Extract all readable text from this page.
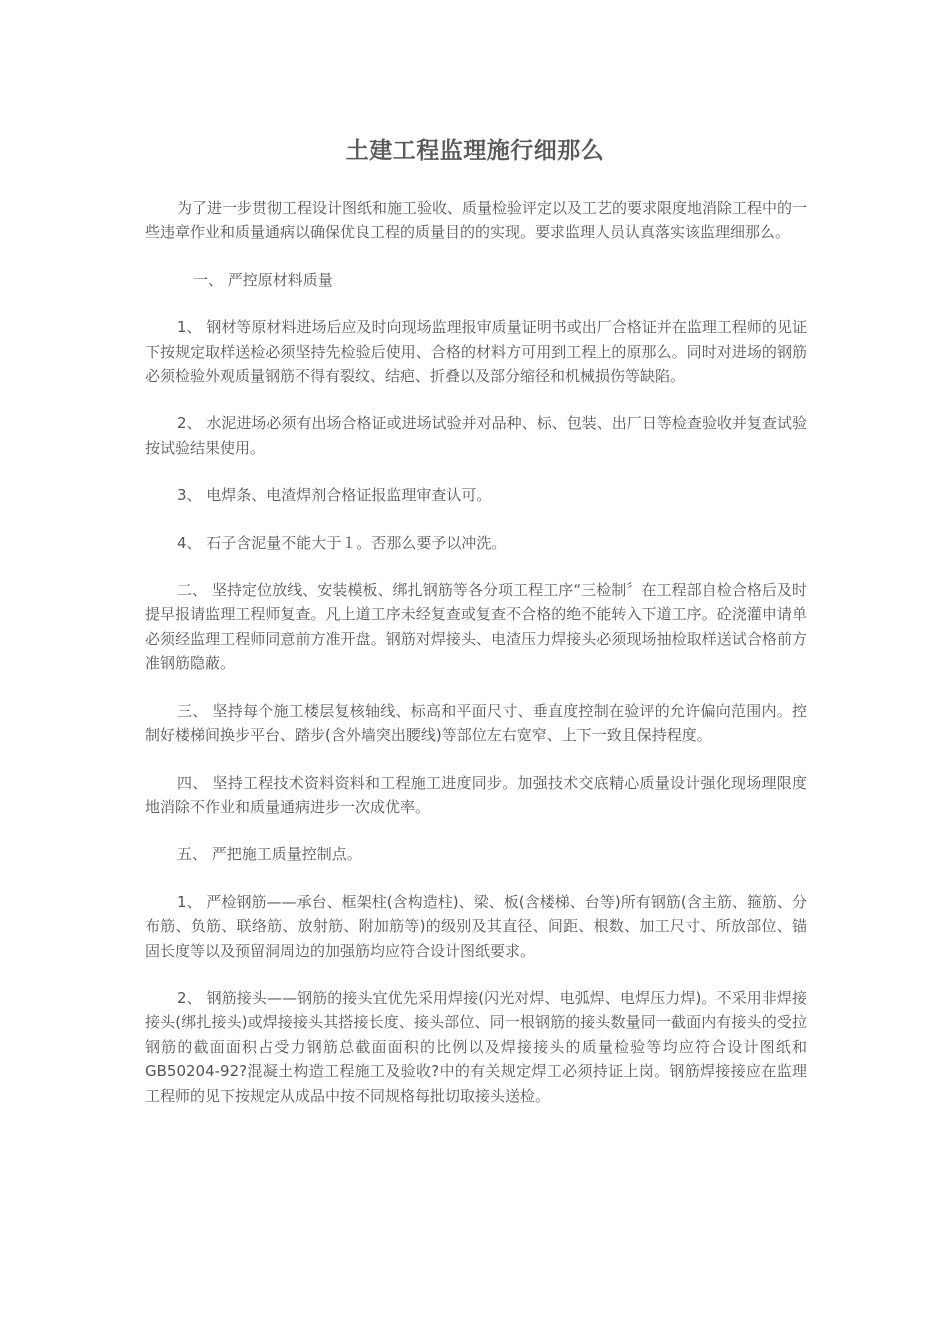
土建工程监理施行细那么

为了进一步贯彻工程设计图纸和施工验收、质量检验评定以及工艺的要求限度地消除工程中的一些违章作业和质量通病以确保优良工程的质量目的的实现。要求监理人员认真落实该监理细那么。

一、 严控原材料质量

1、 钢材等原材料进场后应及时向现场监理报审质量证明书或出厂合格证并在监理工程师的见证下按规定取样送检必须坚持先检验后使用、合格的材料方可用到工程上的原那么。同时对进场的钢筋必须检验外观质量钢筋不得有裂纹、结疤、折叠以及部分缩径和机械损伤等缺陷。

2、 水泥进场必须有出场合格证或进场试验并对品种、标、包装、出厂日等检查验收并复查试验按试验结果使用。

3、 电焊条、电渣焊剂合格证报监理审查认可。

4、 石子含泥量不能大于１。否那么要予以冲洗。

二、 坚持定位放线、安装模板、绑扎钢筋等各分项工程工序“三检制〞在工程部自检合格后及时提早报请监理工程师复查。凡上道工序未经复查或复查不合格的绝不能转入下道工序。砼浇灌申请单必须经监理工程师同意前方准开盘。钢筋对焊接头、电渣压力焊接头必须现场抽检取样送试合格前方准钢筋隐蔽。

三、 坚持每个施工楼层复核轴线、标高和平面尺寸、垂直度控制在验评的允许偏向范围内。控制好楼梯间换步平台、踏步(含外墙突出腰线)等部位左右宽窄、上下一致且保持程度。

四、 坚持工程技术资料资料和工程施工进度同步。加强技术交底精心质量设计强化现场理限度地消除不作业和质量通病进步一次成优率。

五、 严把施工质量控制点。

1、 严检钢筋——承台、框架柱(含构造柱)、梁、板(含楼梯、台等)所有钢筋(含主筋、箍筋、分布筋、负筋、联络筋、放射筋、附加筋等)的级别及其直径、间距、根数、加工尺寸、所放部位、锚固长度等以及预留洞周边的加强筋均应符合设计图纸要求。

2、 钢筋接头——钢筋的接头宜优先采用焊接(闪光对焊、电弧焊、电焊压力焊)。不采用非焊接接头(绑扎接头)或焊接接头其搭接长度、接头部位、同一根钢筋的接头数量同一截面内有接头的受拉钢筋的截面面积占受力钢筋总截面面积的比例以及焊接接头的质量检验等均应符合设计图纸和GB50204-92?混凝土构造工程施工及验收?中的有关规定焊工必须持证上岗。钢筋焊接接应在监理工程师的见下按规定从成品中按不同规格每批切取接头送检。
